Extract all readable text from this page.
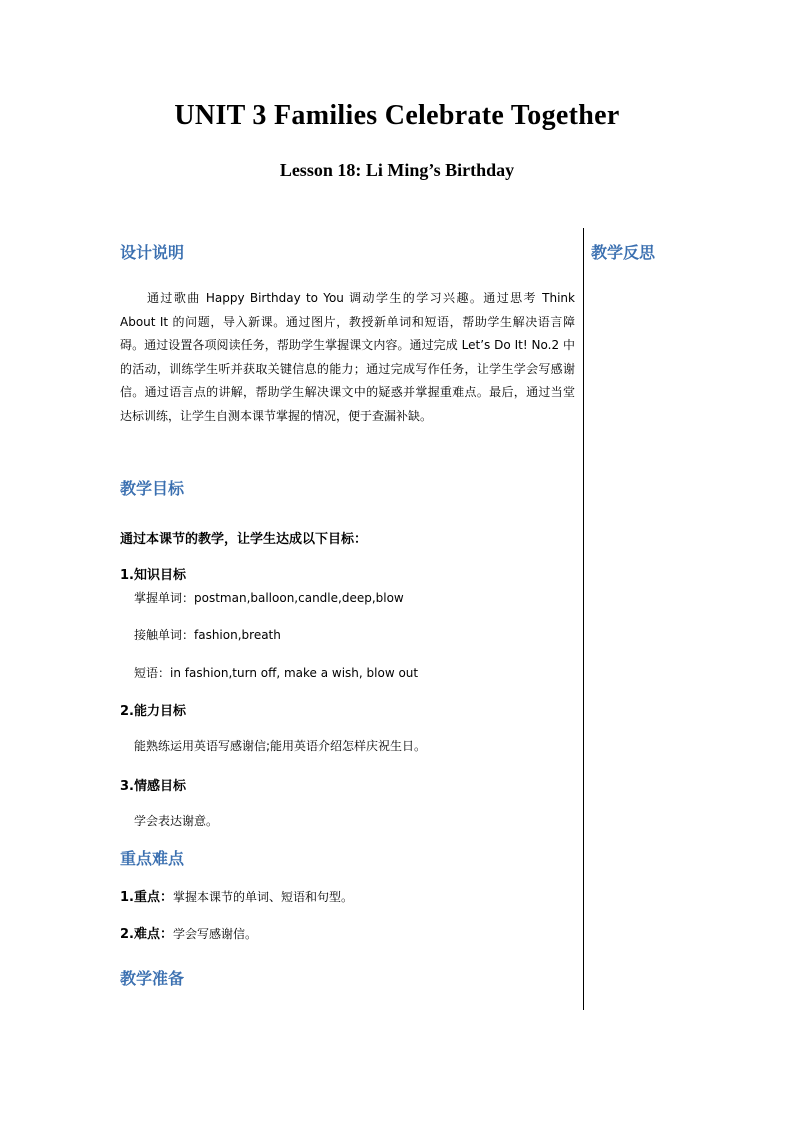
UNIT 3 Families Celebrate Together
Lesson 18: Li Ming’s Birthday
教学反思
设计说明

通过歌曲 Happy Birthday to You 调动学生的学习兴趣。通过思考 Think About It 的问题，导入新课。通过图片，教授新单词和短语，帮助学生解决语言障碍。通过设置各项阅读任务，帮助学生掌握课文内容。通过完成 Let’s Do It! No.2 中的活动，训练学生听并获取关键信息的能力；通过完成写作任务，让学生学会写感谢信。通过语言点的讲解，帮助学生解决课文中的疑惑并掌握重难点。最后，通过当堂达标训练，让学生自测本课节掌握的情况，便于查漏补缺。

教学目标

通过本课节的教学，让学生达成以下目标：

1.知识目标

掌握单词：postman,balloon,candle,deep,blow

接触单词：fashion,breath

短语：in fashion,turn off, make a wish, blow out

2.能力目标

能熟练运用英语写感谢信;能用英语介绍怎样庆祝生日。

3.情感目标

学会表达谢意。

重点难点

1.重点：掌握本课节的单词、短语和句型。

2.难点：学会写感谢信。

教学准备
